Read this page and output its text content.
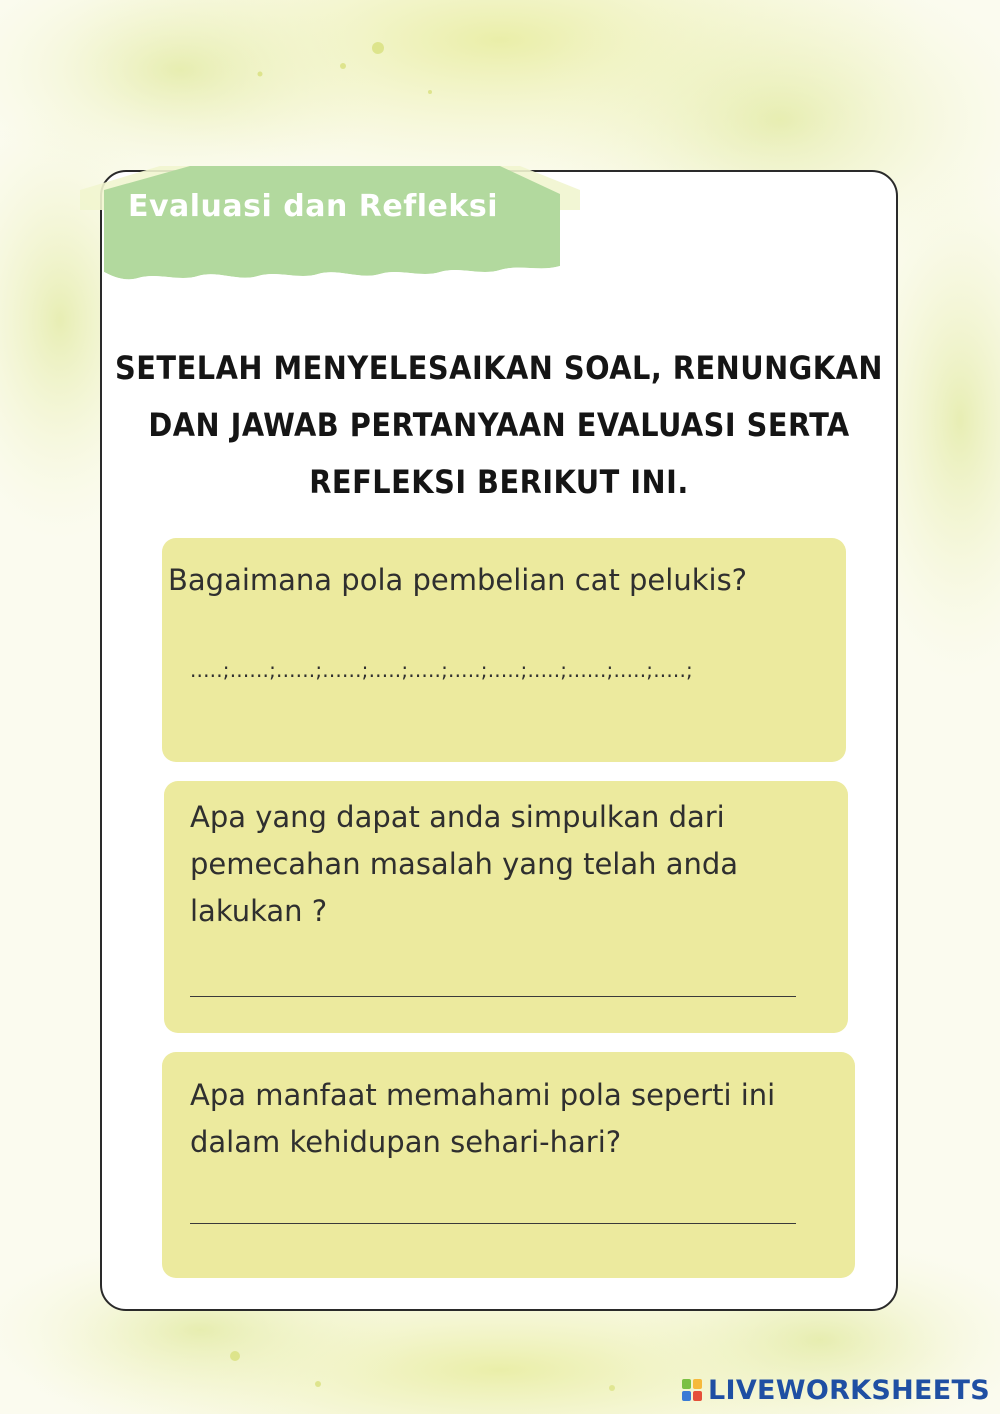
Evaluasi dan Refleksi

SETELAH MENYELESAIKAN SOAL, RENUNGKAN DAN JAWAB PERTANYAAN EVALUASI SERTA REFLEKSI BERIKUT INI.

Bagaimana pola pembelian cat pelukis?

.....;......;......;......;.....;.....;.....;.....;.....;......;.....;.....;

Apa yang dapat anda simpulkan dari
pemecahan masalah yang telah anda
lakukan ?

Apa manfaat memahami pola seperti ini
dalam kehidupan sehari-hari?

LIVEWORKSHEETS
